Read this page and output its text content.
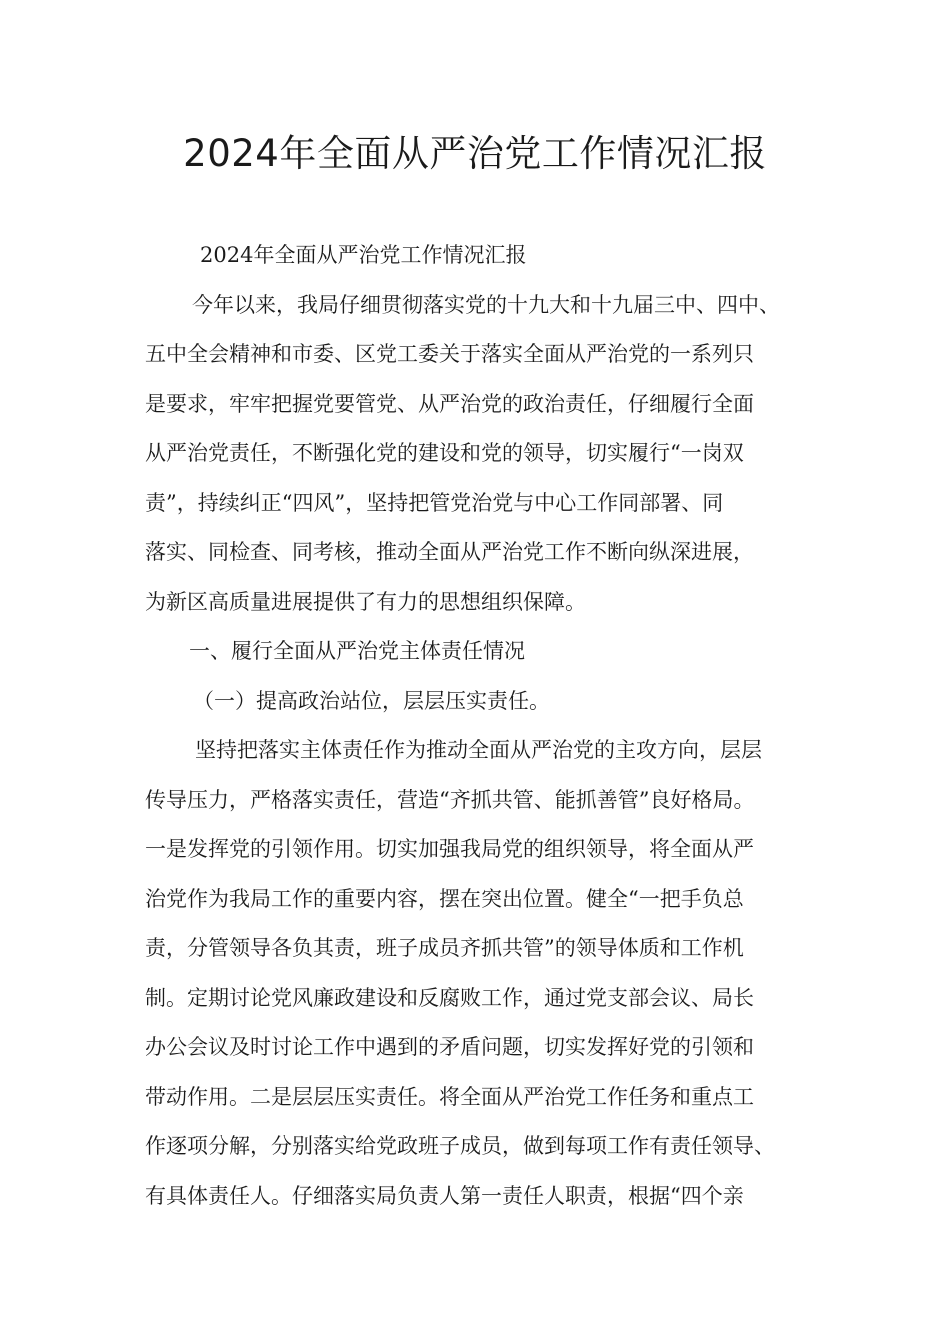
2024年全面从严治党工作情况汇报
2024年全面从严治党工作情况汇报
今年以来，我局仔细贯彻落实党的十九大和十九届三中、四中、
五中全会精神和市委、区党工委关于落实全面从严治党的一系列只
是要求，牢牢把握党要管党、从严治党的政治责任，仔细履行全面
从严治党责任，不断强化党的建设和党的领导，切实履行“一岗双
责”，持续纠正“四风”，坚持把管党治党与中心工作同部署、同
落实、同检查、同考核，推动全面从严治党工作不断向纵深进展，
为新区高质量进展提供了有力的思想组织保障。
一、履行全面从严治党主体责任情况
（一）提高政治站位，层层压实责任。
坚持把落实主体责任作为推动全面从严治党的主攻方向，层层
传导压力，严格落实责任，营造“齐抓共管、能抓善管”良好格局。
一是发挥党的引领作用。切实加强我局党的组织领导，将全面从严
治党作为我局工作的重要内容，摆在突出位置。健全“一把手负总
责，分管领导各负其责，班子成员齐抓共管”的领导体质和工作机
制。定期讨论党风廉政建设和反腐败工作，通过党支部会议、局长
办公会议及时讨论工作中遇到的矛盾问题，切实发挥好党的引领和
带动作用。二是层层压实责任。将全面从严治党工作任务和重点工
作逐项分解，分别落实给党政班子成员，做到每项工作有责任领导、
有具体责任人。仔细落实局负责人第一责任人职责，根据“四个亲
